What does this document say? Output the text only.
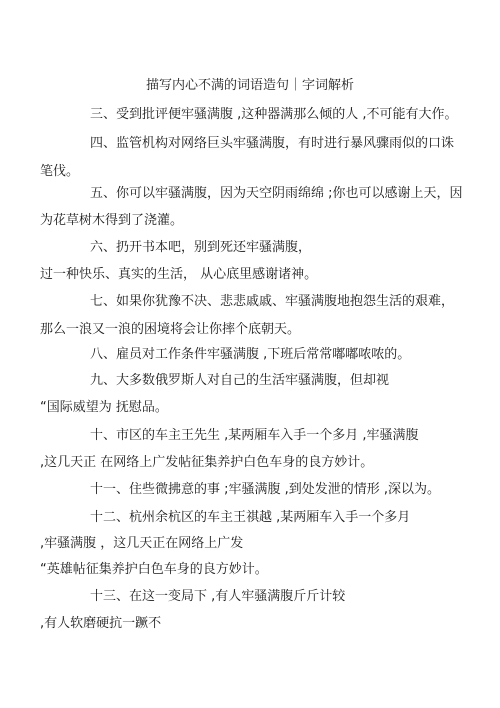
描写内心不满的词语造句｜字词解析
三、受到批评便牢骚满腹 ,这种器满那么倾的人 ,不可能有大作。
四、监管机构对网络巨头牢骚满腹，有时进行暴风骤雨似的口诛
笔伐。
五、你可以牢骚满腹，因为天空阴雨绵绵 ;你也可以感谢上天，因
为花草树木得到了浇灌。
六、扔开书本吧，别到死还牢骚满腹，
过一种快乐、真实的生活， 从心底里感谢诸神。
七、如果你犹豫不决、悲悲戚戚、牢骚满腹地抱怨生活的艰难，
那么一浪又一浪的困境将会让你摔个底朝天。
八、雇员对工作条件牢骚满腹 ,下班后常常嘟嘟哝哝的。
九、大多数俄罗斯人对自己的生活牢骚满腹，但却视
“国际威望为 抚慰品。
十、市区的车主王先生 ,某两厢车入手一个多月 ,牢骚满腹
,这几天正 在网络上广发帖征集养护白色车身的良方妙计。
十一、住些微拂意的事 ;牢骚满腹 ,到处发泄的情形 ,深以为。
十二、杭州余杭区的车主王祺越 ,某两厢车入手一个多月
,牢骚满腹 ，这几天正在网络上广发
“英雄帖征集养护白色车身的良方妙计。
十三、在这一变局下 ,有人牢骚满腹斤斤计较
,有人软磨硬抗一蹶不
